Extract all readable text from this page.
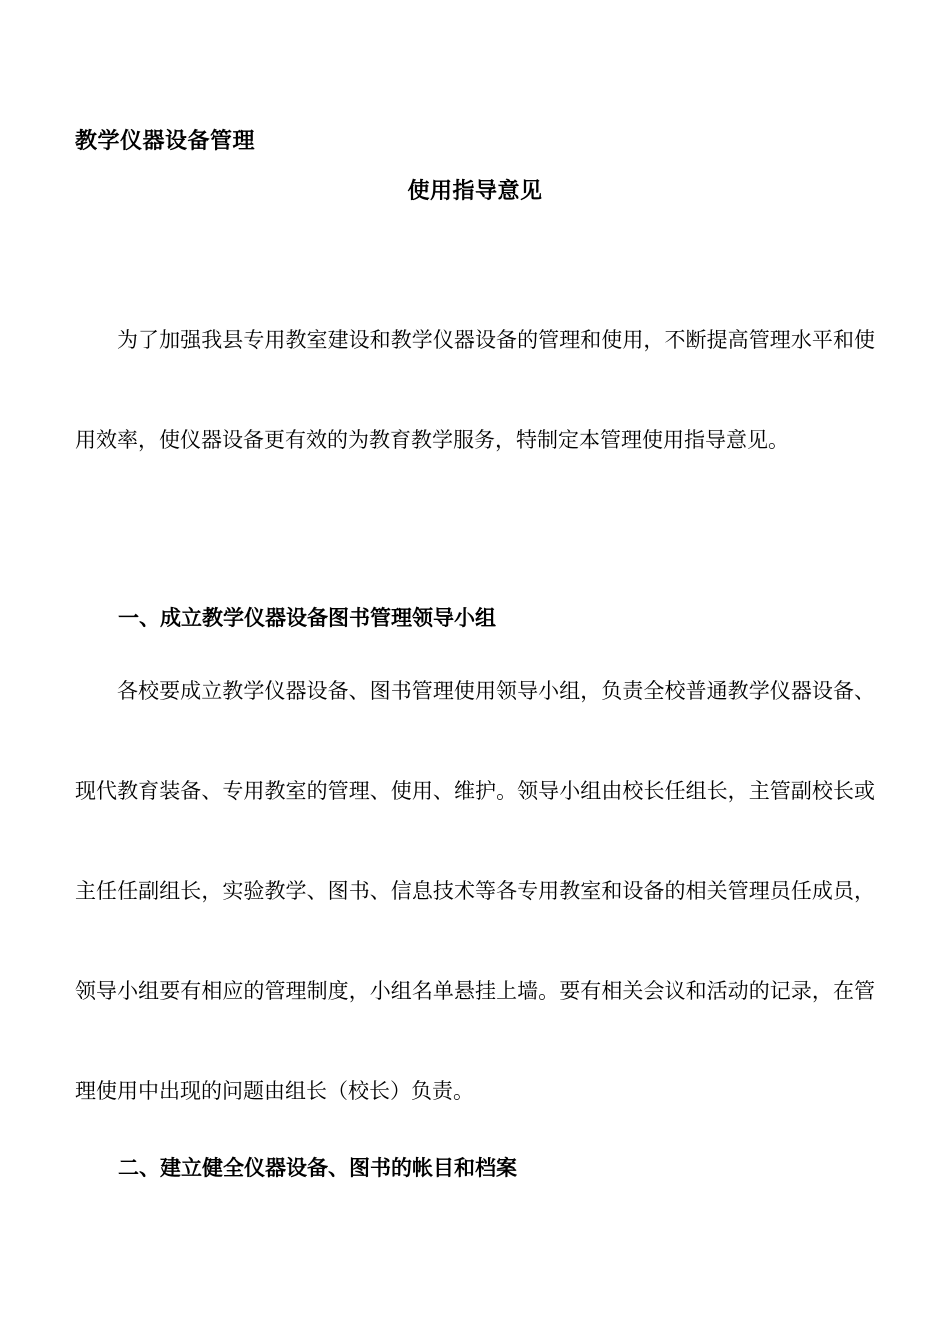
教学仪器设备管理
使用指导意见

为了加强我县专用教室建设和教学仪器设备的管理和使用，不断提高管理水平和使用效率，使仪器设备更有效的为教育教学服务，特制定本管理使用指导意见。

一、成立教学仪器设备图书管理领导小组

各校要成立教学仪器设备、图书管理使用领导小组，负责全校普通教学仪器设备、现代教育装备、专用教室的管理、使用、维护。领导小组由校长任组长，主管副校长或主任任副组长，实验教学、图书、信息技术等各专用教室和设备的相关管理员任成员，领导小组要有相应的管理制度，小组名单悬挂上墙。要有相关会议和活动的记录，在管理使用中出现的问题由组长（校长）负责。

二、建立健全仪器设备、图书的帐目和档案
